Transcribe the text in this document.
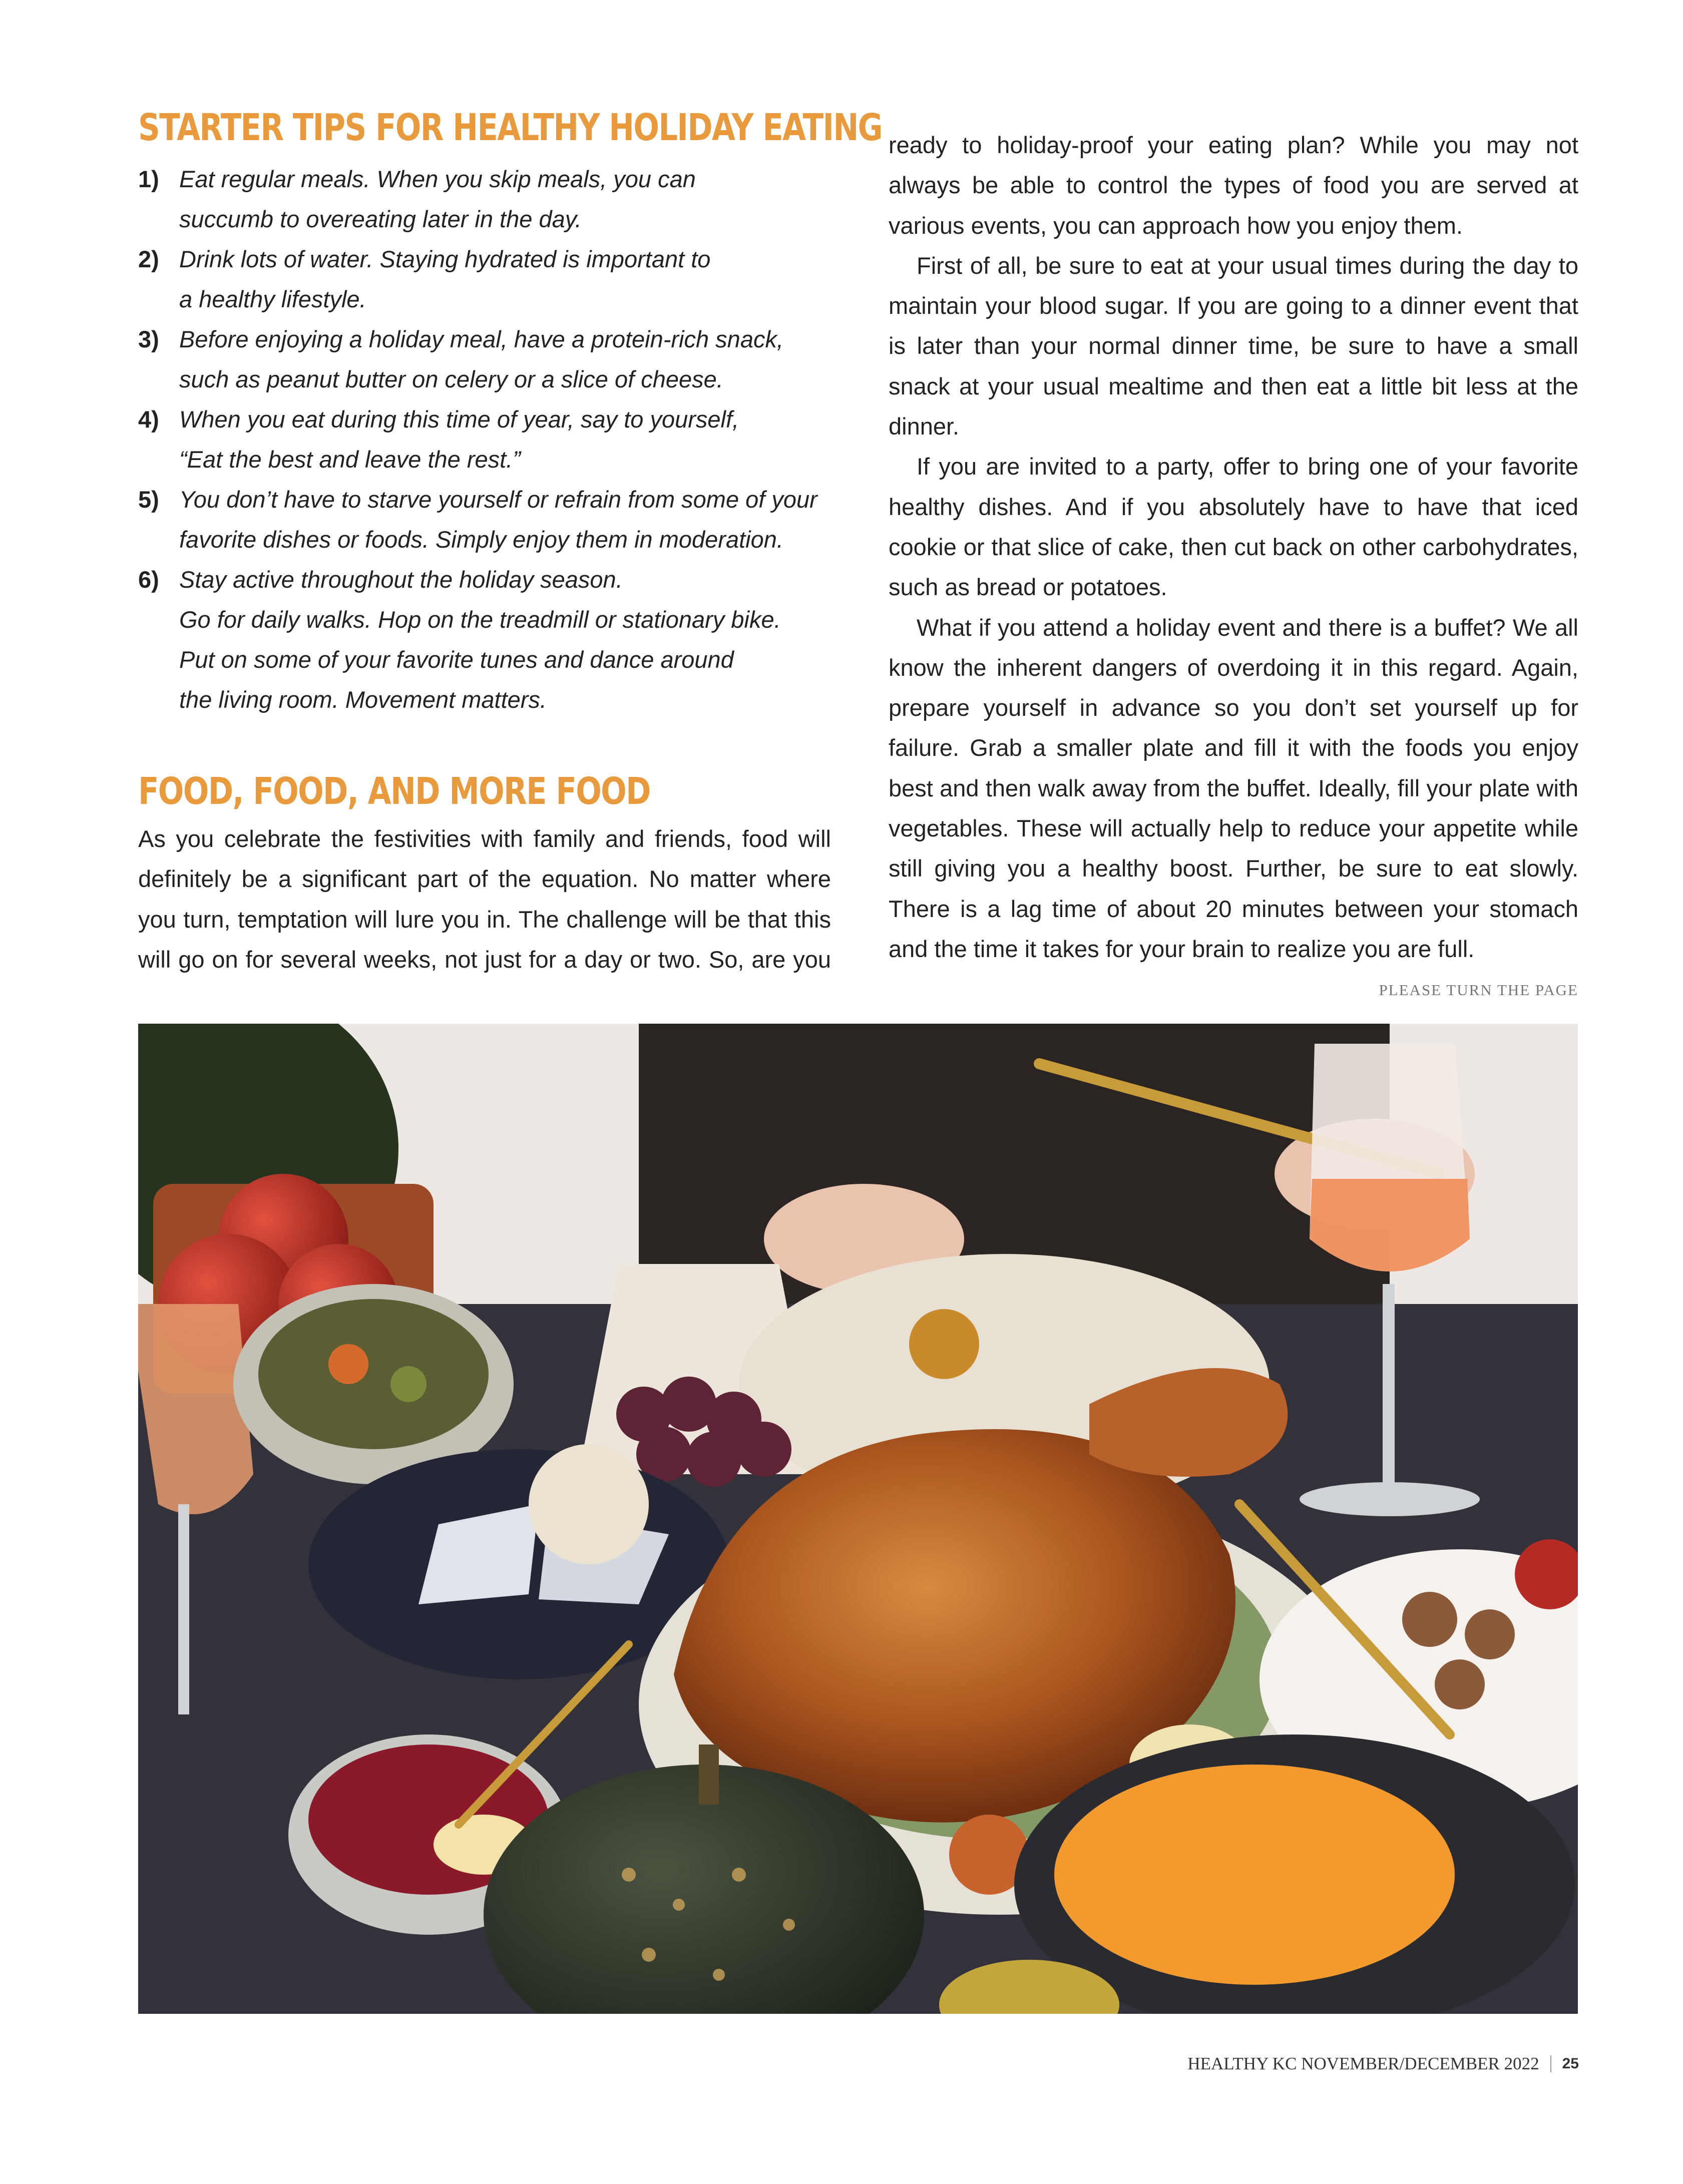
STARTER TIPS FOR HEALTHY HOLIDAY EATING
1) Eat regular meals. When you skip meals, you can
succumb to overeating later in the day.
2) Drink lots of water. Staying hydrated is important to
a healthy lifestyle.
3) Before enjoying a holiday meal, have a protein-rich snack,
such as peanut butter on celery or a slice of cheese.
4) When you eat during this time of year, say to yourself,
“Eat the best and leave the rest.”
5) You don’t have to starve yourself or refrain from some of your
favorite dishes or foods. Simply enjoy them in moderation.
6) Stay active throughout the holiday season.
Go for daily walks. Hop on the treadmill or stationary bike.
Put on some of your favorite tunes and dance around
the living room. Movement matters.
FOOD, FOOD, AND MORE FOOD

As you celebrate the festivities with family and friends, food will definitely be a significant part of the equation. No matter where you turn, temptation will lure you in. The challenge will be that this will go on for several weeks, not just for a day or two. So, are you

ready to holiday-proof your eating plan? While you may not always be able to control the types of food you are served at various events, you can approach how you enjoy them.

First of all, be sure to eat at your usual times during the day to maintain your blood sugar. If you are going to a dinner event that is later than your normal dinner time, be sure to have a small snack at your usual mealtime and then eat a little bit less at the dinner.

If you are invited to a party, offer to bring one of your favorite healthy dishes. And if you absolutely have to have that iced cookie or that slice of cake, then cut back on other carbohydrates, such as bread or potatoes.

What if you attend a holiday event and there is a buffet? We all know the inherent dangers of overdoing it in this regard. Again, prepare yourself in advance so you don’t set yourself up for failure. Grab a smaller plate and fill it with the foods you enjoy best and then walk away from the buffet. Ideally, fill your plate with vegetables. These will actually help to reduce your appetite while still giving you a healthy boost. Further, be sure to eat slowly. There is a lag time of about 20 minutes between your stomach and the time it takes for your brain to realize you are full.

PLEASE TURN THE PAGE
HEALTHY KC NOVEMBER/DECEMBER 2022 25
